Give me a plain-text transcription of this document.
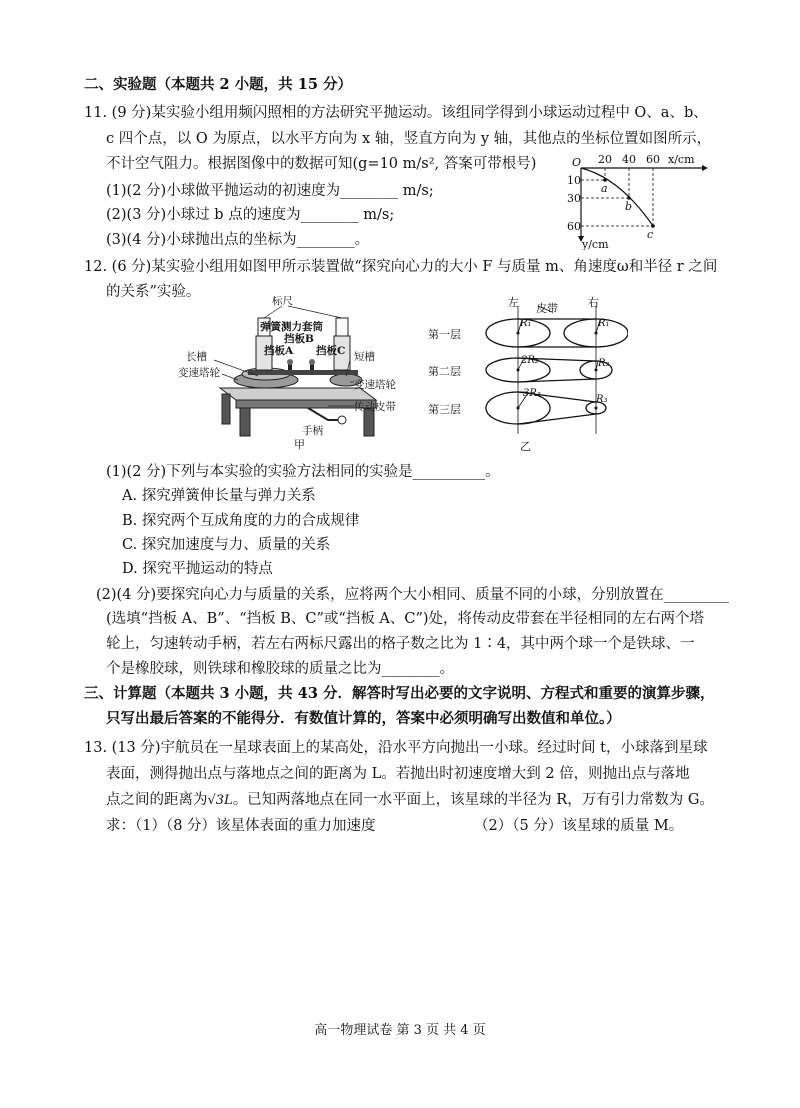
二、实验题（本题共 2 小题，共 15 分）
11. (9 分)某实验小组用频闪照相的方法研究平抛运动。该组同学得到小球运动过程中 O、a、b、
c 四个点，以 O 为原点，以水平方向为 x 轴，竖直方向为 y 轴，其他点的坐标位置如图所示，
不计空气阻力。根据图像中的数据可知(g=10 m/s², 答案可带根号)
(1)(2 分)小球做平抛运动的初速度为________ m/s;
(2)(3 分)小球过 b 点的速度为________ m/s;
(3)(4 分)小球抛出点的坐标为________。
O 20 40 60 x/cm
10
30
60
y/cm
a
b
c
12. (6 分)某实验小组用如图甲所示装置做“探究向心力的大小 F 与质量 m、角速度ω和半径 r 之间
的关系”实验。
标尺
弹簧测力套筒
挡板B
挡板A 挡板C
长槽	短槽
变速塔轮
变速塔轮
传动皮带
手柄
甲
左	右
皮带
第一层
第二层
第三层
R₁	R₁
2R₂	R₂
3R₃
R₃
乙
(1)(2 分)下列与本实验的实验方法相同的实验是__________。
A. 探究弹簧伸长量与弹力关系
B. 探究两个互成角度的力的合成规律
C. 探究加速度与力、质量的关系
D. 探究平抛运动的特点
(2)(4 分)要探究向心力与质量的关系，应将两个大小相同、质量不同的小球，分别放置在_________
(选填“挡板 A、B”、“挡板 B、C”或“挡板 A、C”)处，将传动皮带套在半径相同的左右两个塔
轮上，匀速转动手柄，若左右两标尺露出的格子数之比为 1∶4，其中两个球一个是铁球、一
个是橡胶球，则铁球和橡胶球的质量之比为________。
三、计算题（本题共 3 小题，共 43 分．解答时写出必要的文字说明、方程式和重要的演算步骤，
只写出最后答案的不能得分．有数值计算的，答案中必须明确写出数值和单位。）
13. (13 分)宇航员在一星球表面上的某高处，沿水平方向抛出一小球。经过时间 t，小球落到星球
表面，测得抛出点与落地点之间的距离为 L。若抛出时初速度增大到 2 倍，则抛出点与落地
点之间的距离为√3L。已知两落地点在同一水平面上，该星球的半径为 R，万有引力常数为 G。
求：（1）（8 分）该星体表面的重力加速度	（2）（5 分）该星球的质量 M。
高一物理试卷 第 3 页 共 4 页
